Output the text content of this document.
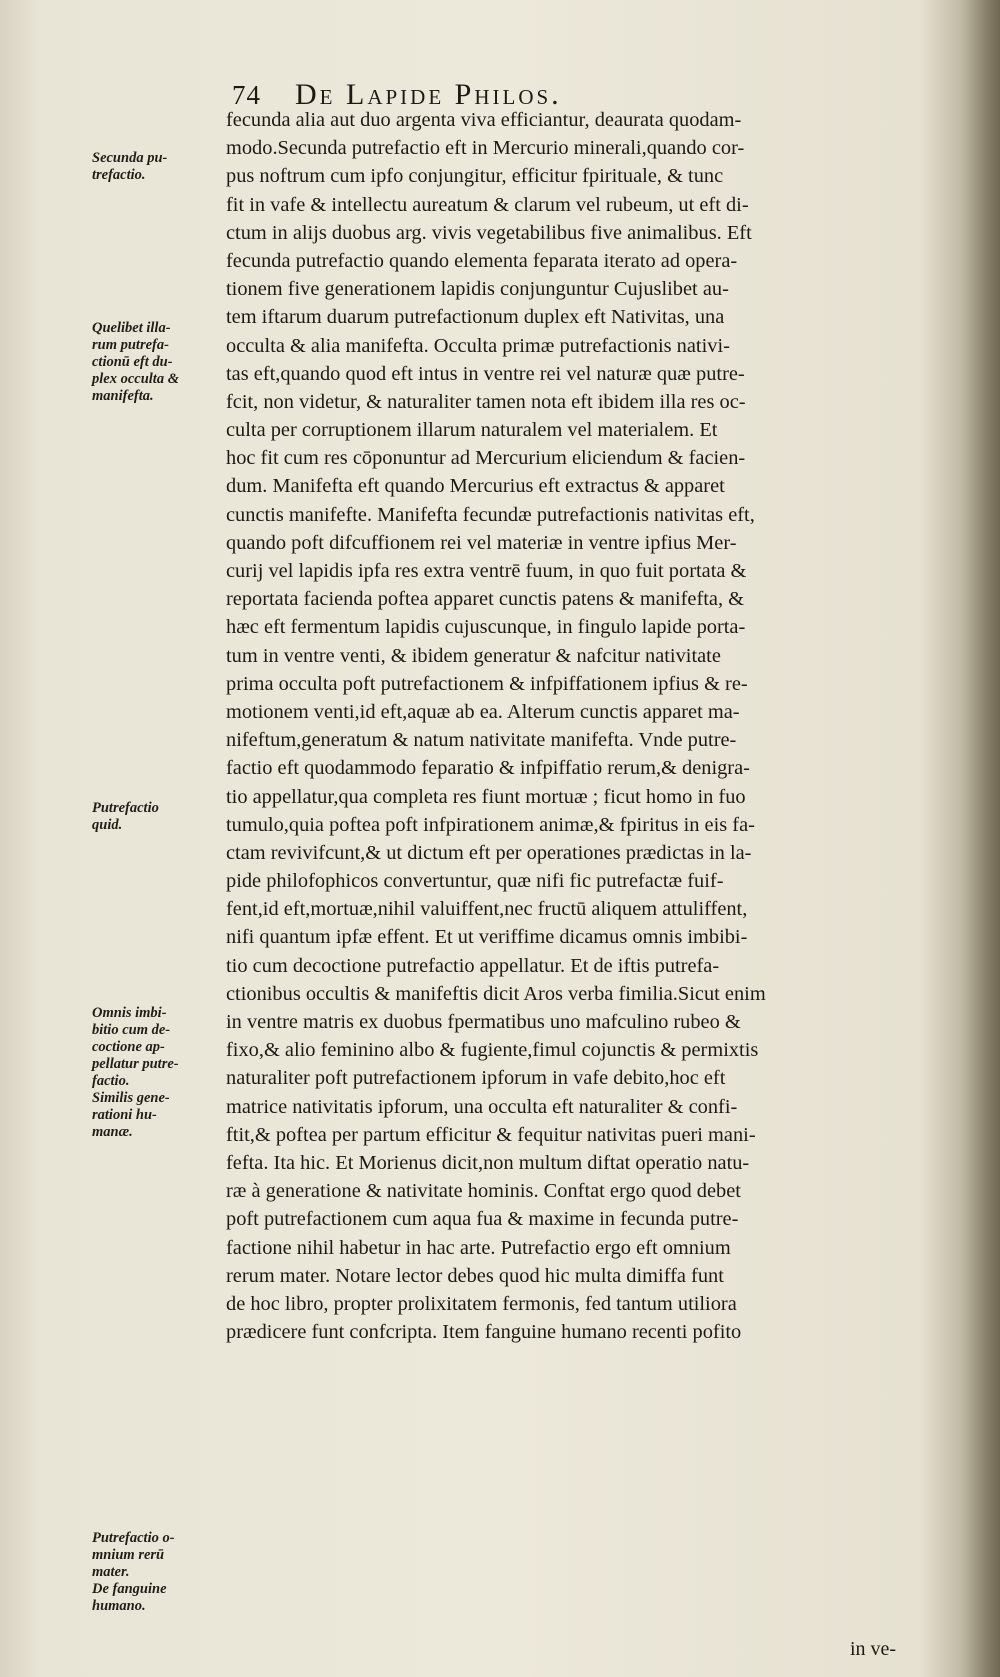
74 De Lapide Philos.
fecunda alia aut duo argenta viva efficiantur, deaurata quodam-
modo.Secunda putrefactio eft in Mercurio minerali,quando cor-
pus noftrum cum ipfo conjungitur, efficitur fpirituale, & tunc
fit in vafe & intellectu aureatum & clarum vel rubeum, ut eft di-
ctum in alijs duobus arg. vivis vegetabilibus five animalibus. Eft
fecunda putrefactio quando elementa feparata iterato ad opera-
tionem five generationem lapidis conjunguntur Cujuslibet au-
tem iftarum duarum putrefactionum duplex eft Nativitas, una
occulta & alia manifefta. Occulta primæ putrefactionis nativi-
tas eft,quando quod eft intus in ventre rei vel naturæ quæ putre-
fcit, non videtur, & naturaliter tamen nota eft ibidem illa res oc-
culta per corruptionem illarum naturalem vel materialem. Et
hoc fit cum res cōponuntur ad Mercurium eliciendum & facien-
dum. Manifefta eft quando Mercurius eft extractus & apparet
cunctis manifefte. Manifefta fecundæ putrefactionis nativitas eft,
quando poft difcuffionem rei vel materiæ in ventre ipfius Mer-
curij vel lapidis ipfa res extra ventrē fuum, in quo fuit portata &
reportata facienda poftea apparet cunctis patens & manifefta, &
hæc eft fermentum lapidis cujuscunque, in fingulo lapide porta-
tum in ventre venti, & ibidem generatur & nafcitur nativitate
prima occulta poft putrefactionem & infpiffationem ipfius & re-
motionem venti,id eft,aquæ ab ea. Alterum cunctis apparet ma-
nifeftum,generatum & natum nativitate manifefta. Vnde putre-
factio eft quodammodo feparatio & infpiffatio rerum,& denigra-
tio appellatur,qua completa res fiunt mortuæ ; ficut homo in fuo
tumulo,quia poftea poft infpirationem animæ,& fpiritus in eis fa-
ctam revivifcunt,& ut dictum eft per operationes prædictas in la-
pide philofophicos convertuntur, quæ nifi fic putrefactæ fuif-
fent,id eft,mortuæ,nihil valuiffent,nec fructū aliquem attuliffent,
nifi quantum ipfæ effent. Et ut veriffime dicamus omnis imbibi-
tio cum decoctione putrefactio appellatur. Et de iftis putrefa-
ctionibus occultis & manifeftis dicit Aros verba fimilia.Sicut enim
in ventre matris ex duobus fpermatibus uno mafculino rubeo &
fixo,& alio feminino albo & fugiente,fimul cojunctis & permixtis
naturaliter poft putrefactionem ipforum in vafe debito,hoc eft
matrice nativitatis ipforum, una occulta eft naturaliter & confi-
ftit,& poftea per partum efficitur & fequitur nativitas pueri mani-
fefta. Ita hic. Et Morienus dicit,non multum diftat operatio natu-
ræ à generatione & nativitate hominis. Conftat ergo quod debet
poft putrefactionem cum aqua fua & maxime in fecunda putre-
factione nihil habetur in hac arte. Putrefactio ergo eft omnium
rerum mater. Notare lector debes quod hic multa dimiffa funt
de hoc libro, propter prolixitatem fermonis, fed tantum utiliora
prædicere funt confcripta. Item fanguine humano recenti pofito
Secunda pu-
trefactio.
Quelibet illa-
rum putrefa-
ctionū eft du-
plex occulta &
manifefta.
Putrefactio
quid.
Omnis imbi-
bitio cum de-
coctione ap-
pellatur putre-
factio.
Similis gene-
rationi hu-
manæ.
Putrefactio o-
mnium rerū
mater.
De fanguine
humano.
in ve-
